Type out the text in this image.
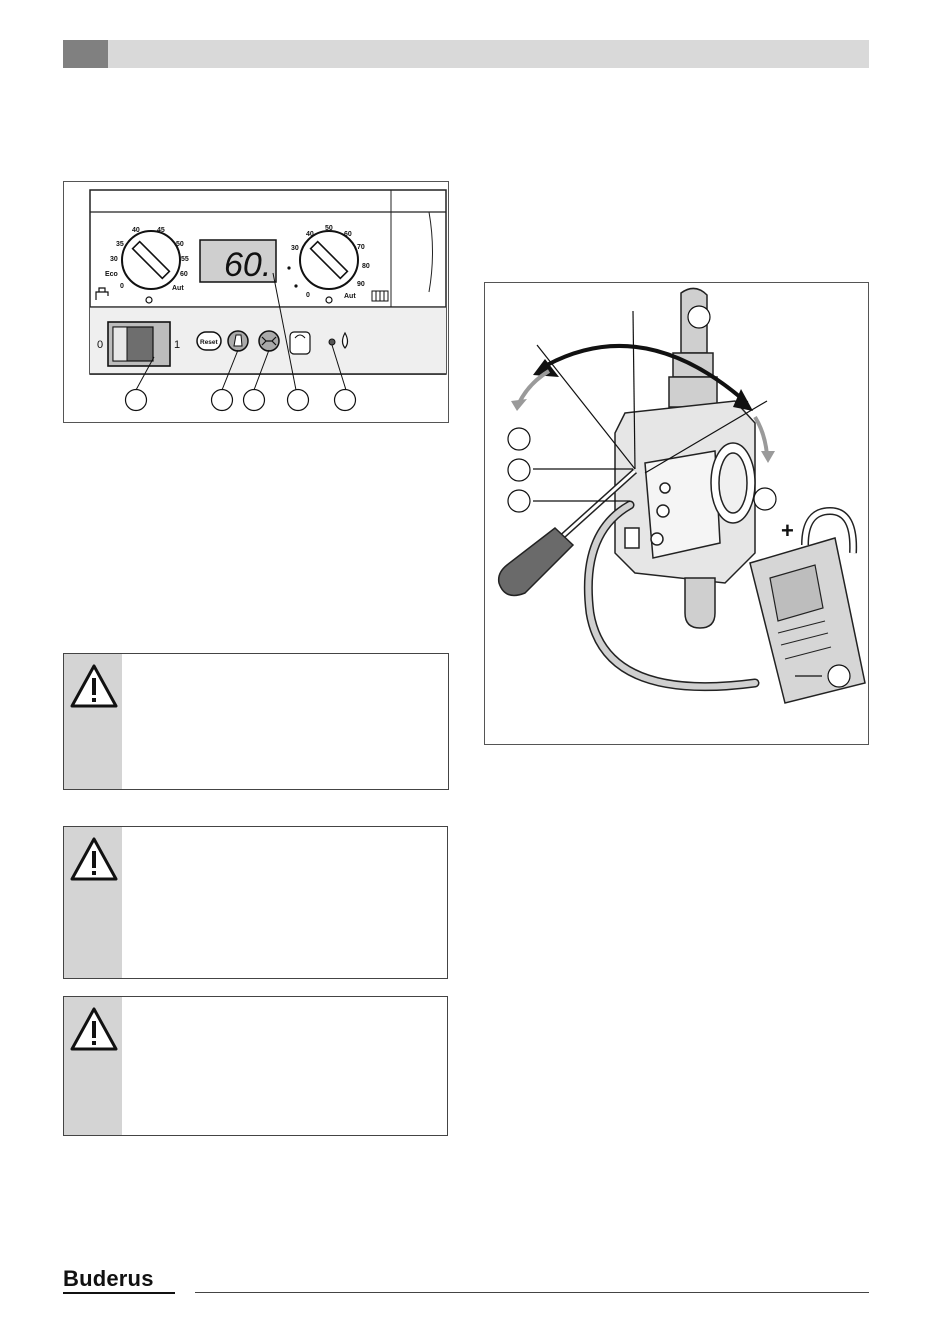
40 45
35	50
30	55
Eco	60
0	Aut
60.
40
50
60
30	70
80
0
90
Aut
0	1	Reset
+
Buderus
